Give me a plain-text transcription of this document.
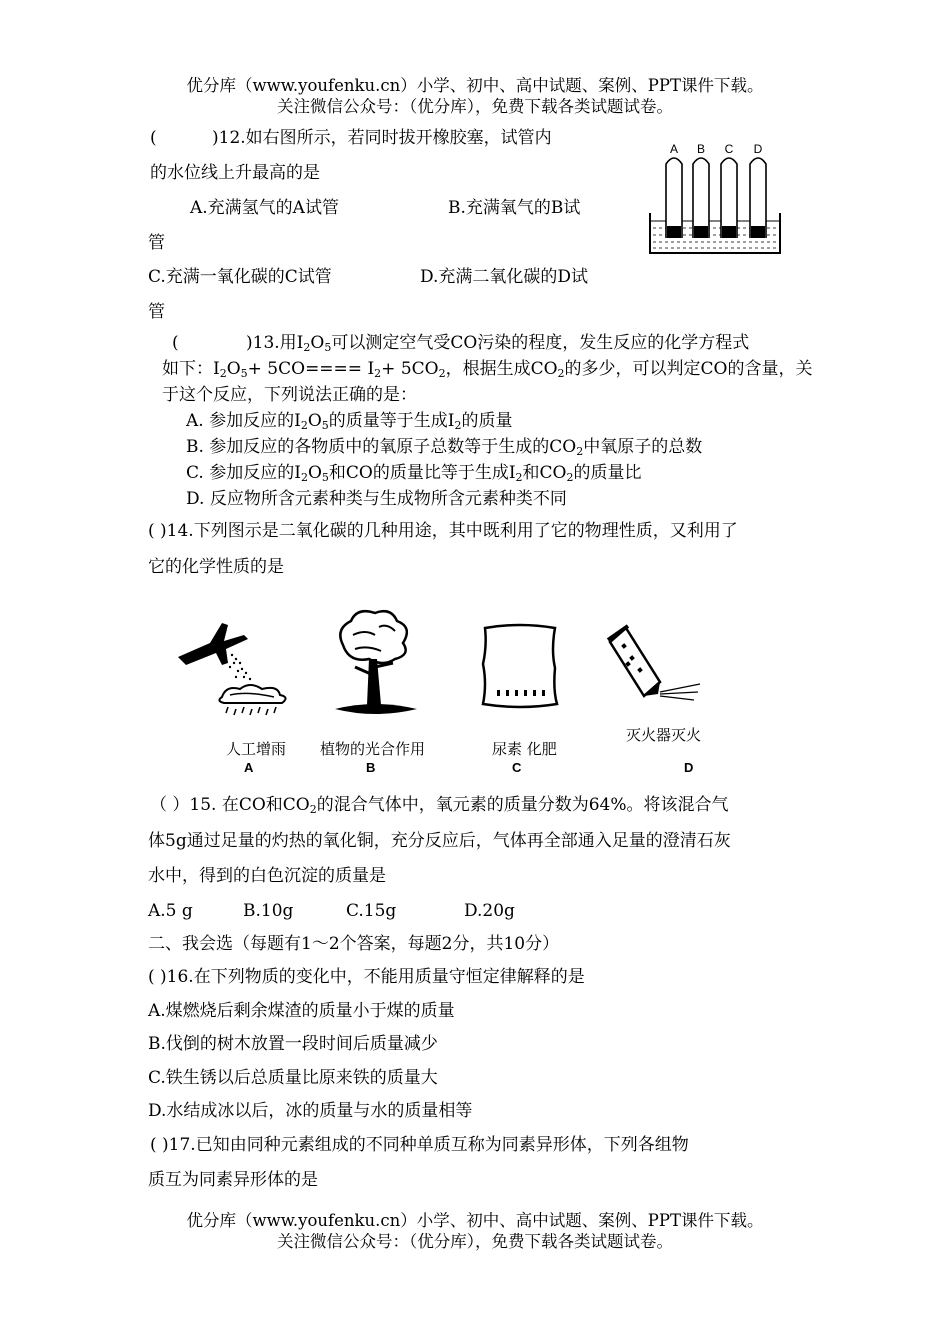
优分库（www.youfenku.cn）小学、初中、高中试题、案例、PPT课件下载。
关注微信公众号：（优分库），免费下载各类试题试卷。
(	)12.如右图所示，若同时拔开橡胶塞，试管内
的水位线上升最高的是
A.充满氢气的A试管	B.充满氧气的B试
管
C.充满一氧化碳的C试管	D.充满二氧化碳的D试
管
A B C D
(	)13.用$I_2O_5$可以测定空气受CO污染的程度，发生反应的化学方程式
如下：$I_2O_5+ 5CO==== I_2+ 5CO_2$，根据生成$CO_2$的多少，可以判定CO的含量，关
于这个反应，下列说法正确的是：
A. 参加反应的$I_2O_5$的质量等于生成$I_2$的质量
B. 参加反应的各物质中的氧原子总数等于生成的$CO_2$中氧原子的总数
C. 参加反应的$I_2O_5$和CO的质量比等于生成$I_2$和$CO_2$的质量比
D. 反应物所含元素种类与生成物所含元素种类不同
( )14.下列图示是二氧化碳的几种用途，其中既利用了它的物理性质，又利用了
它的化学性质的是
人工增雨
A
植物的光合作用
B
尿素 化肥
C
灭火器灭火
D
（ ）15. 在CO和$CO_2$的混合气体中，氧元素的质量分数为64%。将该混合气
体5g通过足量的灼热的氧化铜，充分反应后，气体再全部通入足量的澄清石灰
水中，得到的白色沉淀的质量是
A.5 g	B.10g	C.15g	D.20g
二、我会选（每题有1～2个答案，每题2分，共10分）
( )16.在下列物质的变化中，不能用质量守恒定律解释的是
A.煤燃烧后剩余煤渣的质量小于煤的质量
B.伐倒的树木放置一段时间后质量减少
C.铁生锈以后总质量比原来铁的质量大
D.水结成冰以后，冰的质量与水的质量相等
( )17.已知由同种元素组成的不同种单质互称为同素异形体，下列各组物
质互为同素异形体的是
优分库（www.youfenku.cn）小学、初中、高中试题、案例、PPT课件下载。
关注微信公众号：（优分库），免费下载各类试题试卷。
